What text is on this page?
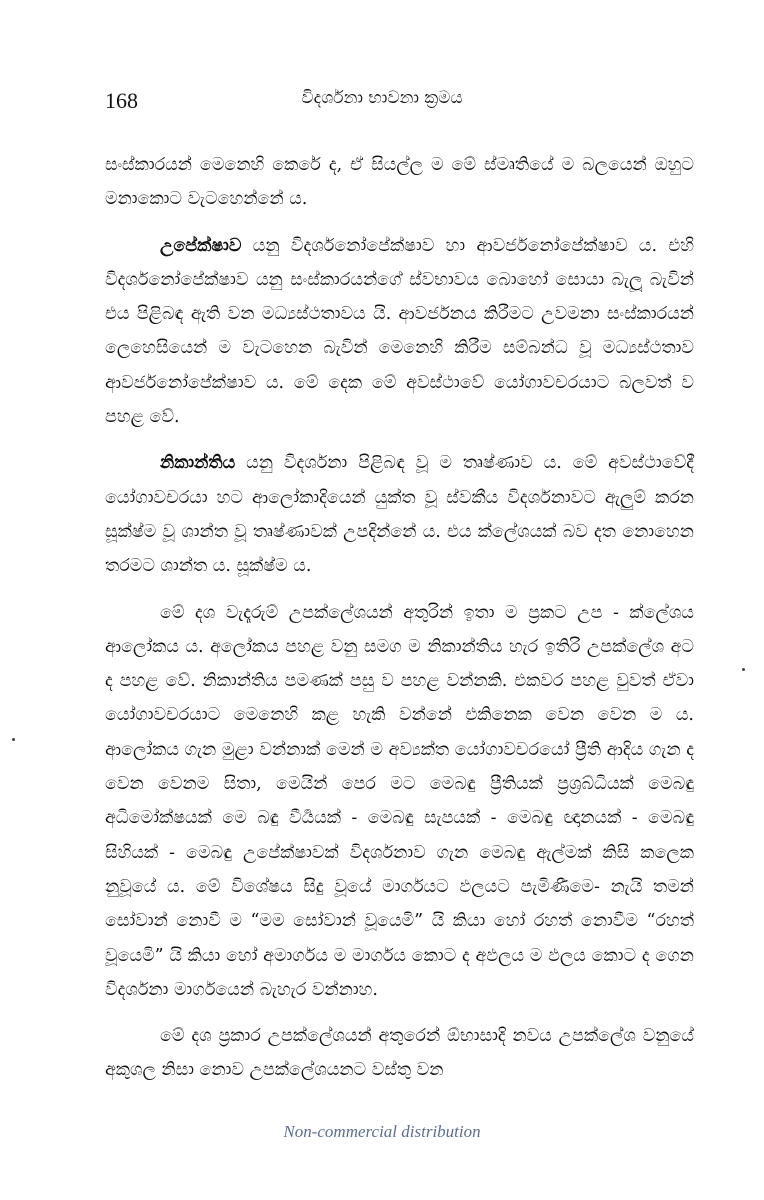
168	විදර්ශනා භාවනා ක්‍රමය

සංස්කාරයන් මෙනෙහි කෙරේ ද, ඒ සියල්ල ම මේ ස්මෘතියේ ම බලයෙන් ඔහුට මනාකොට වැටහෙන්නේ ය.

උපේක්ෂාව යනු විදර්ශනෝපේක්ෂාව හා ආවර්ජනෝපේක්ෂාව ය. එහි විදර්ශනෝපේක්ෂාව යනු සංස්කාරයන්ගේ ස්වභාවය බොහෝ සොයා බැලූ බැවින් එය පිළිබඳ ඇති වන මධ්‍යස්ථතාවය යි. ආවර්ජනය කිරීමට උවමනා සංස්කාරයන් ලෙහෙසියෙන් ම වැටහෙන බැවින් මෙනෙහි කිරීම සම්බන්ධ වූ මධ්‍යස්ථතාව ආවර්ජනෝපේක්ෂාව ය. මේ දෙක මේ අවස්ථාවේ යෝගාවචරයාට බලවත් ව පහළ වේ.

නිකාන්තිය යනු විදර්ශනා පිළිබඳ වූ ම තෘෂ්ණාව ය. මේ අවස්ථාවේදී යෝගාවචරයා හට ආලෝකාදියෙන් යුක්ත වූ ස්වකීය විදර්ශනාවට ඇලුම් කරන සූක්ෂ්ම වූ ශාන්ත වූ තෘෂ්ණාවක් උපදින්නේ ය. එය ක්ලේශයක් බව දත නොහෙන තරමට ශාන්ත ය. සූක්ෂ්ම ය.

මේ දශ වැදෑරුම් උපක්ලේශයන් අතුරින් ඉතා ම ප්‍රකට උප - ක්ලේශය ආලෝකය ය. අලෝකය පහළ වනු සමග ම නිකාන්තිය හැර ඉතිරි උපක්ලේශ අට ද පහළ වේ. නිකාන්තිය පමණක් පසු ව පහළ වන්නකි. එකවර පහළ වුවත් ඒවා යෝගාවචරයාට මෙනෙහි කළ හැකි වන්නේ එකිනෙක වෙන වෙන ම ය. ආලෝකය ගැන මුළා වන්නාක් මෙන් ම අව්‍යක්ත යෝගාවචරයෝ ප්‍රීති ආදිය ගැන ද වෙන වෙනම සිතා, මෙයින් පෙර මට මෙබඳු ප්‍රීතියක් ප්‍රශ්‍රබ්ධියක් මෙබඳු අධිමෝක්ෂයක් මෙ බඳු වීර්‍යයක් - මෙබඳු සැපයක් - මෙබඳු ඥානයක් - මෙබඳු සිහියක් - මෙබඳු උපේක්ෂාවක් විදර්ශනාව ගැන මෙබඳු ඇල්මක් කිසි කලෙක නුවූයේ ය. මේ විශේෂය සිදු වූයේ මාර්ගයට ඵලයට පැමිණීමෙ- නැයි තමන් සෝවාන් නොවී ම “මම සෝවාන් වූයෙමි” යි කියා හෝ රහත් නොවීම “රහත් වූයෙමි” යි කියා හෝ අමාර්ගය ම මාර්ගය කොට ද අඵලය ම ඵලය කොට ද ගෙන විදර්ශනා මාර්ගයෙන් බැහැර වන්නාහ.

මේ දශ ප්‍රකාර උපක්ලේශයන් අතුරෙන් ඕභාසාදි නවය උපක්ලේශ වනුයේ අකුශල නිසා නොව උපක්ලේශයනට වස්තු වන

Non-commercial distribution
